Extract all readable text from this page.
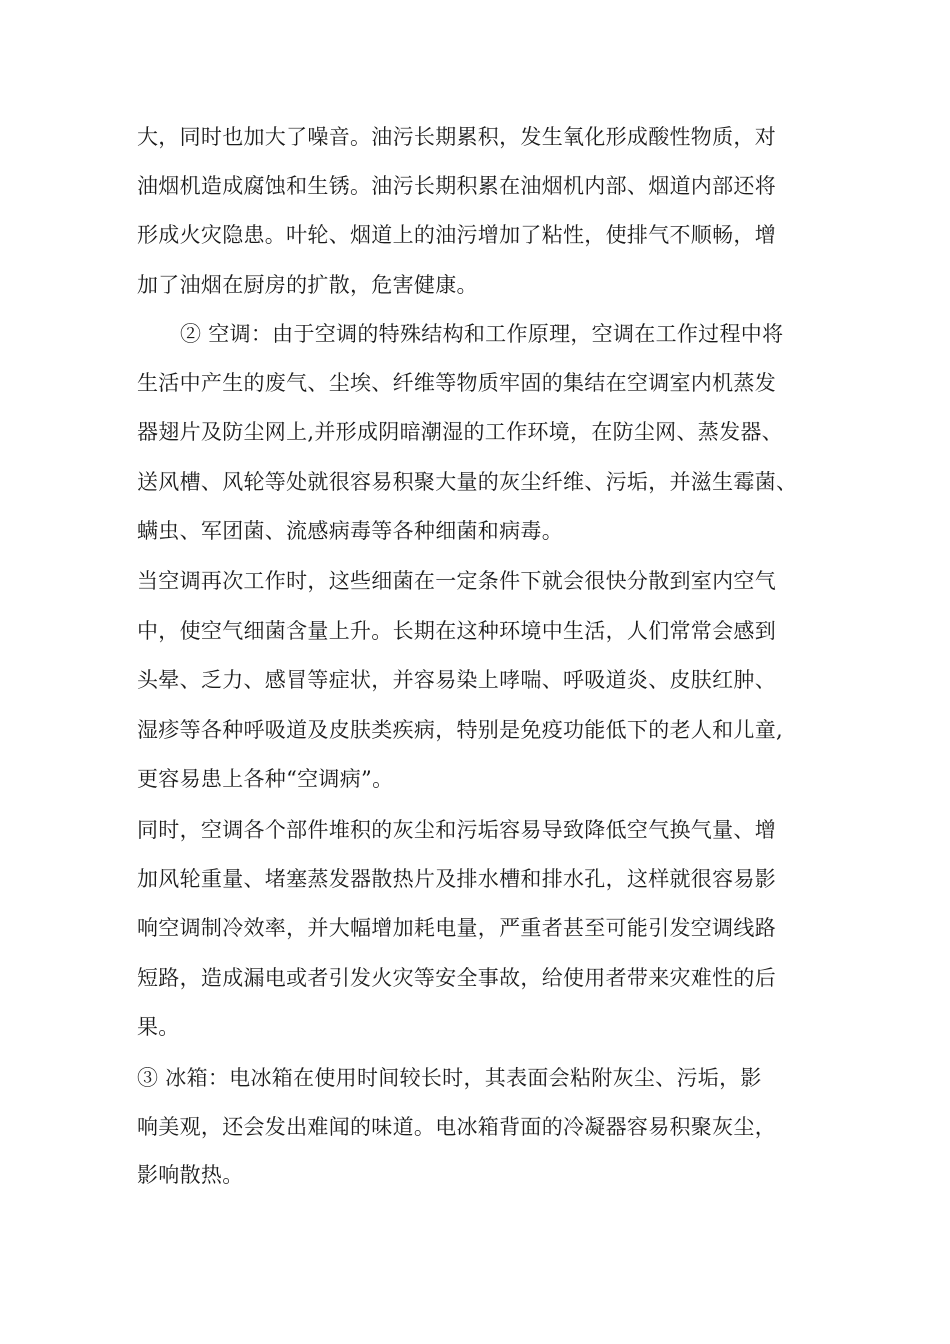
大，同时也加大了噪音。油污长期累积，发生氧化形成酸性物质，对
油烟机造成腐蚀和生锈。油污长期积累在油烟机内部、烟道内部还将
形成火灾隐患。叶轮、烟道上的油污增加了粘性，使排气不顺畅，增
加了油烟在厨房的扩散，危害健康。
② 空调：由于空调的特殊结构和工作原理，空调在工作过程中将
生活中产生的废气、尘埃、纤维等物质牢固的集结在空调室内机蒸发
器翅片及防尘网上,并形成阴暗潮湿的工作环境，在防尘网、蒸发器、
送风槽、风轮等处就很容易积聚大量的灰尘纤维、污垢，并滋生霉菌、
螨虫、军团菌、流感病毒等各种细菌和病毒。
当空调再次工作时，这些细菌在一定条件下就会很快分散到室内空气
中，使空气细菌含量上升。长期在这种环境中生活，人们常常会感到
头晕、乏力、感冒等症状，并容易染上哮喘、呼吸道炎、皮肤红肿、
湿疹等各种呼吸道及皮肤类疾病，特别是免疫功能低下的老人和儿童,
更容易患上各种“空调病”。
同时，空调各个部件堆积的灰尘和污垢容易导致降低空气换气量、增
加风轮重量、堵塞蒸发器散热片及排水槽和排水孔，这样就很容易影
响空调制冷效率，并大幅增加耗电量，严重者甚至可能引发空调线路
短路，造成漏电或者引发火灾等安全事故，给使用者带来灾难性的后
果。
③ 冰箱：电冰箱在使用时间较长时，其表面会粘附灰尘、污垢，影
响美观，还会发出难闻的味道。电冰箱背面的冷凝器容易积聚灰尘，
影响散热。
